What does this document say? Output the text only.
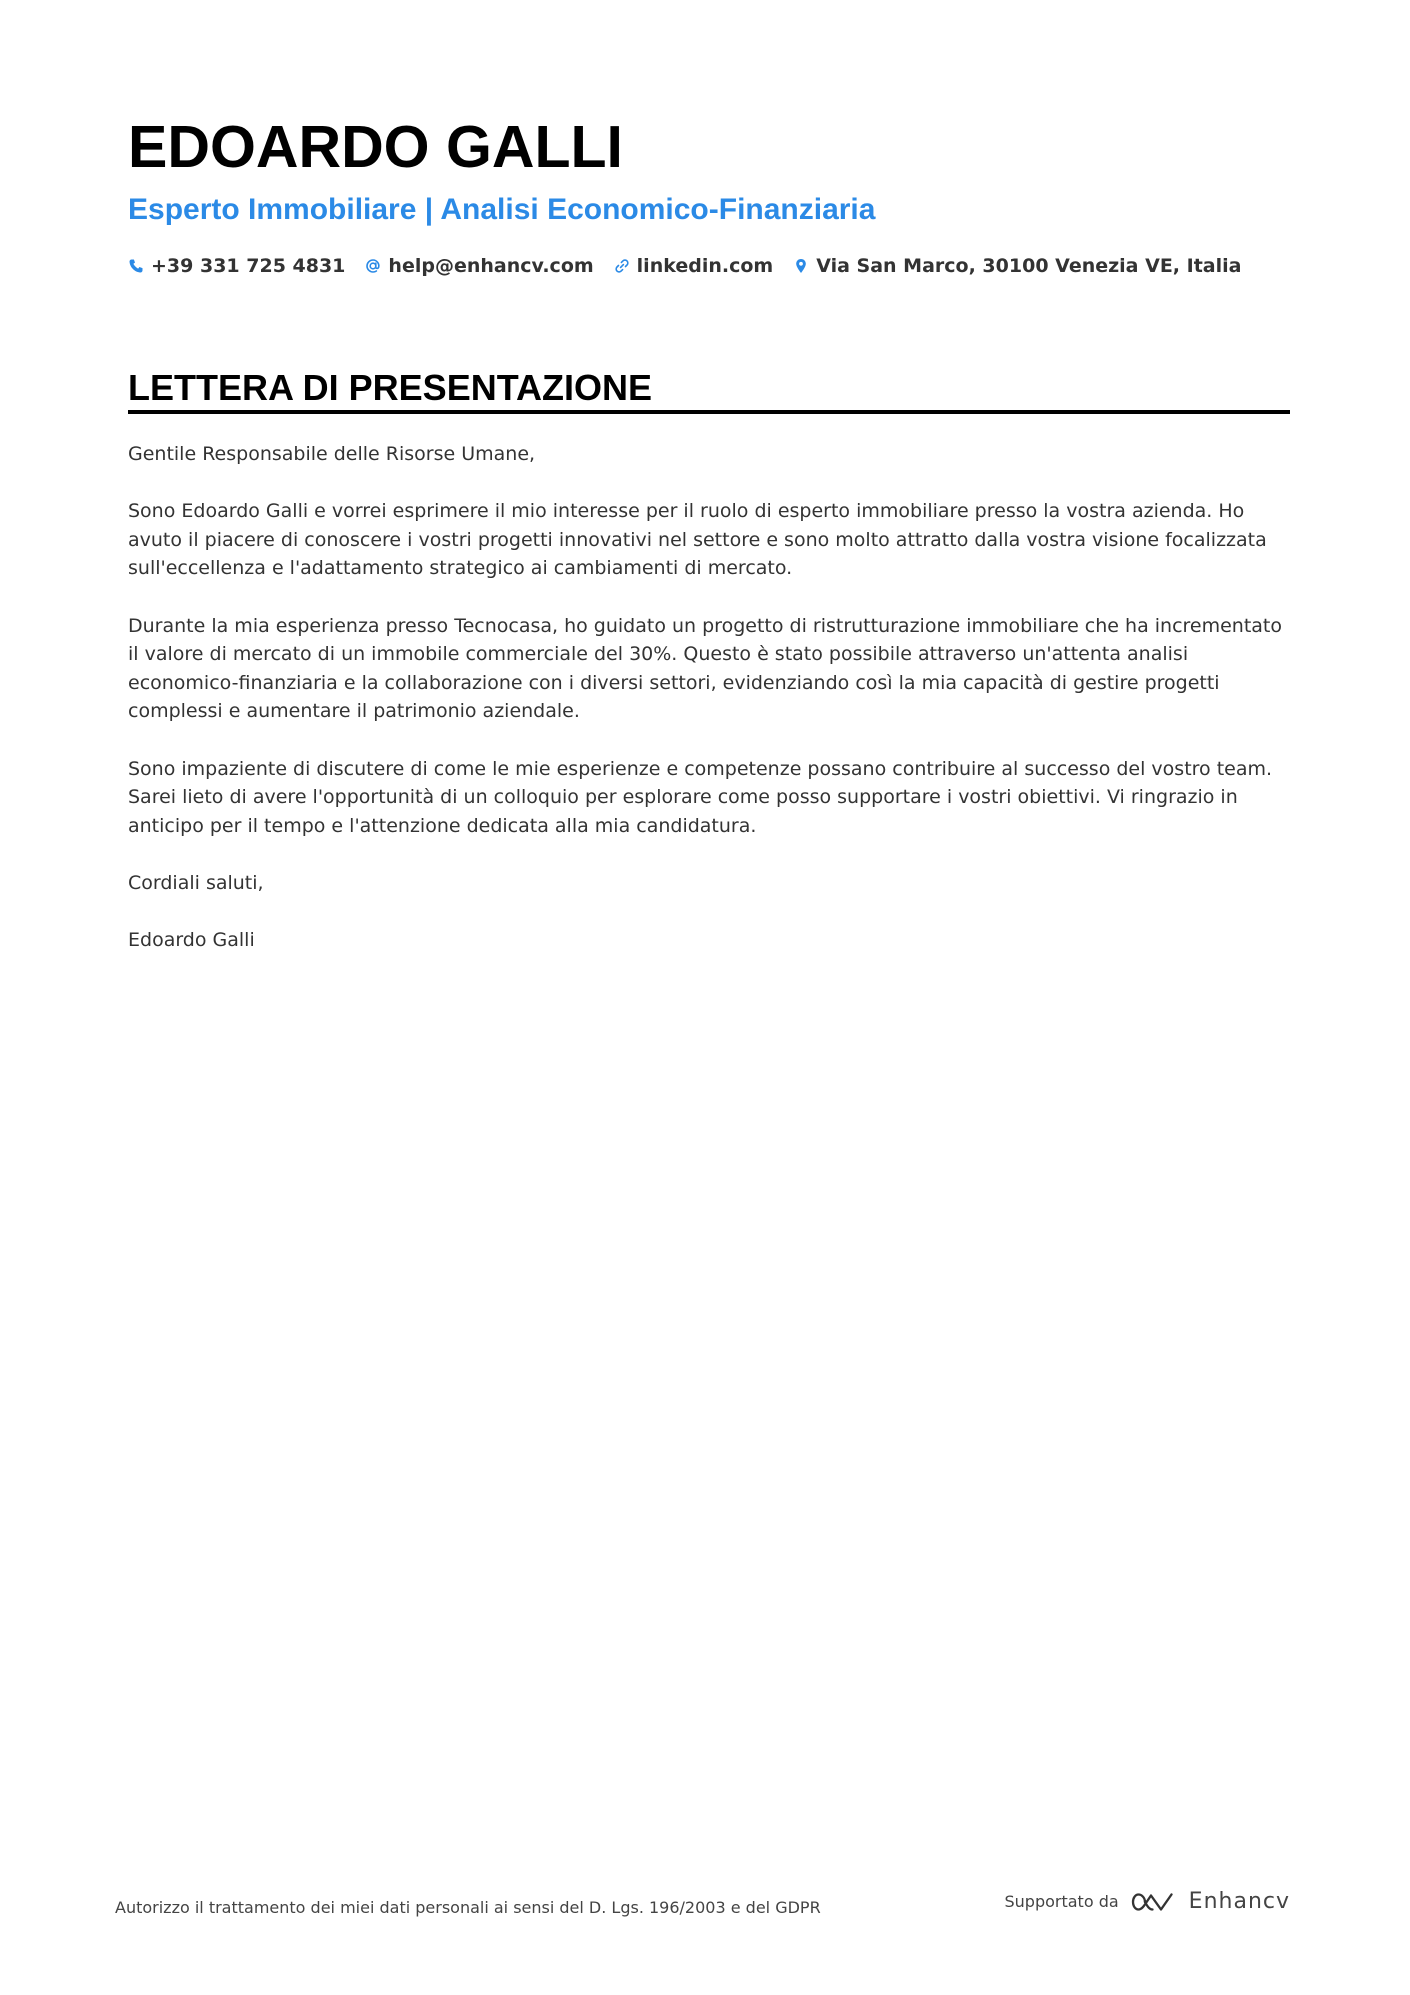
EDOARDO GALLI
Esperto Immobiliare | Analisi Economico-Finanziaria
+39 331 725 4831 help@enhancv.com linkedin.com Via San Marco, 30100 Venezia VE, Italia
LETTERA DI PRESENTAZIONE

Gentile Responsabile delle Risorse Umane,

Sono Edoardo Galli e vorrei esprimere il mio interesse per il ruolo di esperto immobiliare presso la vostra azienda. Ho avuto il piacere di conoscere i vostri progetti innovativi nel settore e sono molto attratto dalla vostra visione focalizzata sull'eccellenza e l'adattamento strategico ai cambiamenti di mercato.

Durante la mia esperienza presso Tecnocasa, ho guidato un progetto di ristrutturazione immobiliare che ha incrementato il valore di mercato di un immobile commerciale del 30%. Questo è stato possibile attraverso un'attenta analisi economico-finanziaria e la collaborazione con i diversi settori, evidenziando così la mia capacità di gestire progetti complessi e aumentare il patrimonio aziendale.

Sono impaziente di discutere di come le mie esperienze e competenze possano contribuire al successo del vostro team. Sarei lieto di avere l'opportunità di un colloquio per esplorare come posso supportare i vostri obiettivi. Vi ringrazio in anticipo per il tempo e l'attenzione dedicata alla mia candidatura.

Cordiali saluti,

Edoardo Galli

Autorizzo il trattamento dei miei dati personali ai sensi del D. Lgs. 196/2003 e del GDPR	Supportato da	Enhancv
